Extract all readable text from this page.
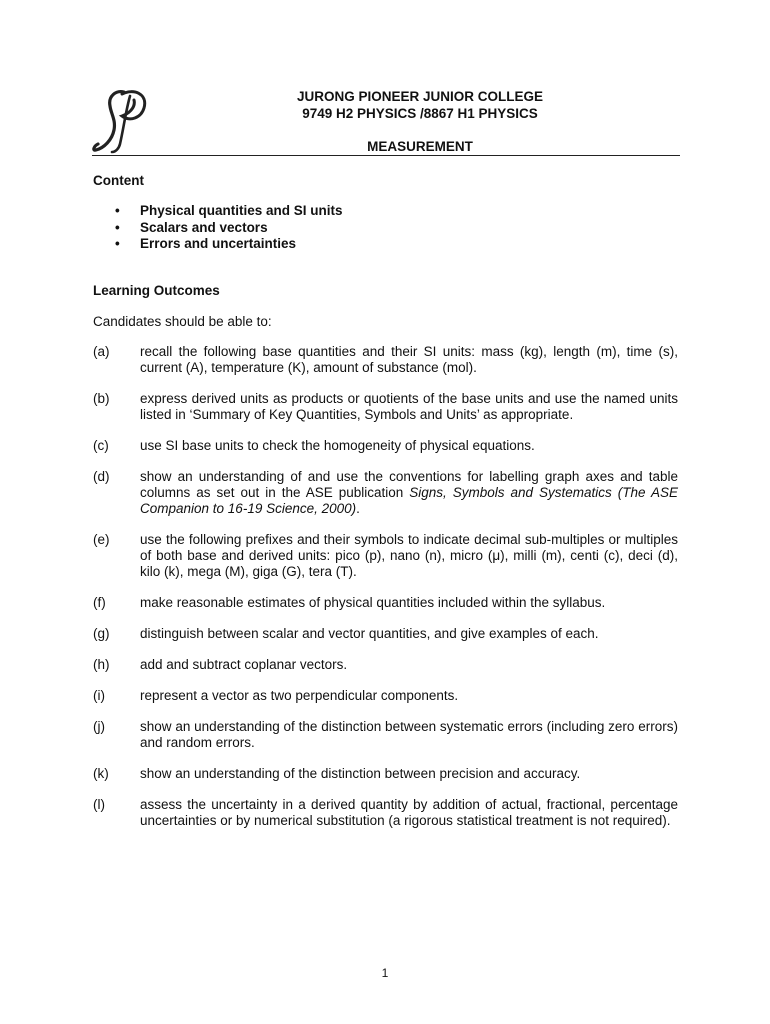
JURONG PIONEER JUNIOR COLLEGE
9749 H2 PHYSICS /8867 H1 PHYSICS
MEASUREMENT
Content
• Physical quantities and SI units
• Scalars and vectors
• Errors and uncertainties
Learning Outcomes
Candidates should be able to:
(a) recall the following base quantities and their SI units: mass (kg), length (m), time (s), current (A), temperature (K), amount of substance (mol).
(b) express derived units as products or quotients of the base units and use the named units listed in ‘Summary of Key Quantities, Symbols and Units’ as appropriate.
(c) use SI base units to check the homogeneity of physical equations.
(d) show an understanding of and use the conventions for labelling graph axes and table columns as set out in the ASE publication Signs, Symbols and Systematics (The ASE Companion to 16-19 Science, 2000).
(e) use the following prefixes and their symbols to indicate decimal sub-multiples or multiples of both base and derived units: pico (p), nano (n), micro (μ), milli (m), centi (c), deci (d), kilo (k), mega (M), giga (G), tera (T).
(f)	make reasonable estimates of physical quantities included within the syllabus.
(g) distinguish between scalar and vector quantities, and give examples of each.
(h) add and subtract coplanar vectors.
(i)	represent a vector as two perpendicular components.
(j)	show an understanding of the distinction between systematic errors (including zero errors) and random errors.
(k) show an understanding of the distinction between precision and accuracy.
(l)	assess the uncertainty in a derived quantity by addition of actual, fractional, percentage uncertainties or by numerical substitution (a rigorous statistical treatment is not required).
1
